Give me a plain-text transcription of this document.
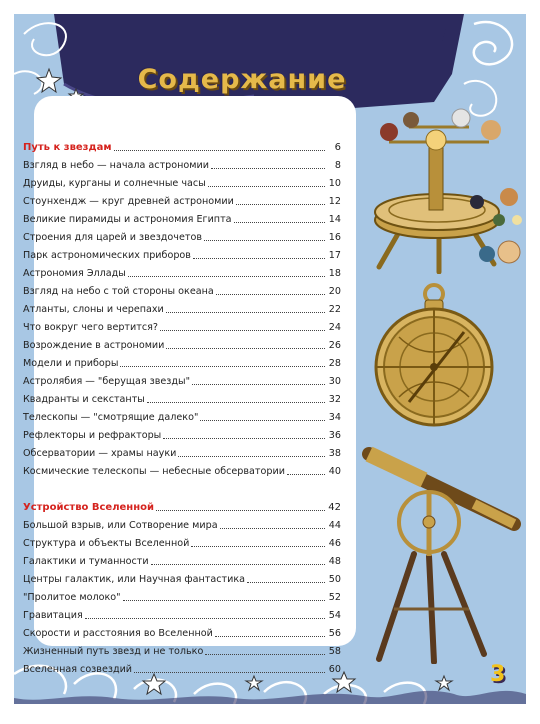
Содержание
3
Путь к звездам	6
Взгляд в небо — начала астрономии	8
Друиды, курганы и солнечные часы	10
Стоунхендж — круг древней астрономии	12
Великие пирамиды и астрономия Египта	14
Строения для царей и звездочетов	16
Парк астрономических приборов	17
Астрономия Эллады	18
Взгляд на небо с той стороны океана	20
Атланты, слоны и черепахи	22
Что вокруг чего вертится?	24
Возрождение в астрономии	26
Модели и приборы	28
Астролябия — "берущая звезды"	30
Квадранты и секстанты	32
Телескопы — "смотрящие далеко"	34
Рефлекторы и рефракторы	36
Обсерватории — храмы науки	38
Космические телескопы — небесные обсерватории	40
Устройство Вселенной	42
Большой взрыв, или Сотворение мира	44
Структура и объекты Вселенной	46
Галактики и туманности	48
Центры галактик, или Научная фантастика	50
"Пролитое молоко"	52
Гравитация	54
Скорости и расстояния во Вселенной	56
Жизненный путь звезд и не только	58
Вселенная созвездий	60
